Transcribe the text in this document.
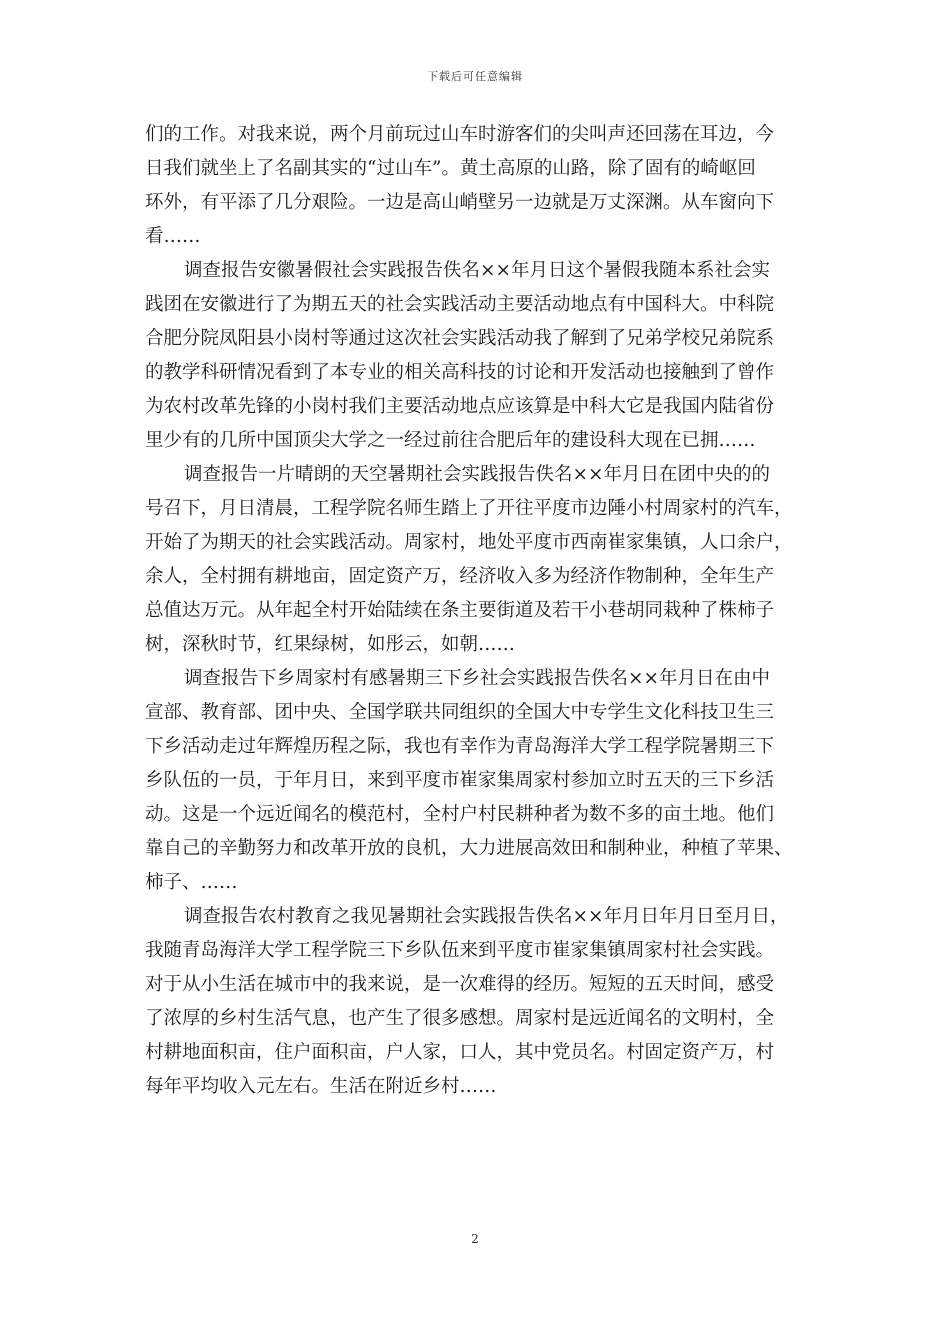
下载后可任意编辑

们的工作。对我来说，两个月前玩过山车时游客们的尖叫声还回荡在耳边，今
日我们就坐上了名副其实的“过山车”。黄土高原的山路，除了固有的崎岖回
环外，有平添了几分艰险。一边是高山峭壁另一边就是万丈深渊。从车窗向下
看……

调查报告安徽暑假社会实践报告佚名××年月日这个暑假我随本系社会实
践团在安徽进行了为期五天的社会实践活动主要活动地点有中国科大。中科院
合肥分院凤阳县小岗村等通过这次社会实践活动我了解到了兄弟学校兄弟院系
的教学科研情况看到了本专业的相关高科技的讨论和开发活动也接触到了曾作
为农村改革先锋的小岗村我们主要活动地点应该算是中科大它是我国内陆省份
里少有的几所中国顶尖大学之一经过前往合肥后年的建设科大现在已拥……

调查报告一片晴朗的天空暑期社会实践报告佚名××年月日在团中央的的
号召下，月日清晨，工程学院名师生踏上了开往平度市边陲小村周家村的汽车，
开始了为期天的社会实践活动。周家村，地处平度市西南崔家集镇，人口余户，
余人，全村拥有耕地亩，固定资产万，经济收入多为经济作物制种，全年生产
总值达万元。从年起全村开始陆续在条主要街道及若干小巷胡同栽种了株柿子
树，深秋时节，红果绿树，如彤云，如朝……

调查报告下乡周家村有感暑期三下乡社会实践报告佚名××年月日在由中
宣部、教育部、团中央、全国学联共同组织的全国大中专学生文化科技卫生三
下乡活动走过年辉煌历程之际，我也有幸作为青岛海洋大学工程学院暑期三下
乡队伍的一员，于年月日，来到平度市崔家集周家村参加立时五天的三下乡活
动。这是一个远近闻名的模范村，全村户村民耕种者为数不多的亩土地。他们
靠自己的辛勤努力和改革开放的良机，大力进展高效田和制种业，种植了苹果、
柿子、……

调查报告农村教育之我见暑期社会实践报告佚名××年月日年月日至月日，
我随青岛海洋大学工程学院三下乡队伍来到平度市崔家集镇周家村社会实践。
对于从小生活在城市中的我来说，是一次难得的经历。短短的五天时间，感受
了浓厚的乡村生活气息，也产生了很多感想。周家村是远近闻名的文明村，全
村耕地面积亩，住户面积亩，户人家，口人，其中党员名。村固定资产万，村
每年平均收入元左右。生活在附近乡村……

2
